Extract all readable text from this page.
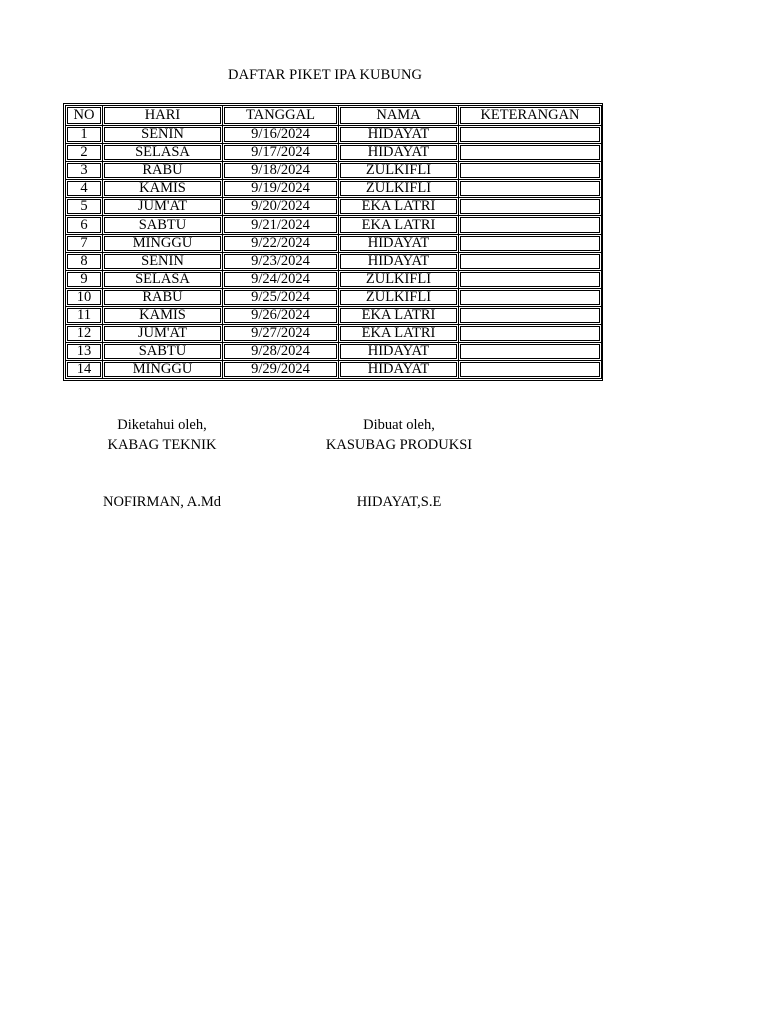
DAFTAR PIKET IPA KUBUNG
NO	HARI	TANGGAL	NAMA	KETERANGAN
1	SENIN	9/16/2024	HIDAYAT	
2	SELASA	9/17/2024	HIDAYAT	
3	RABU	9/18/2024	ZULKIFLI	
4	KAMIS	9/19/2024	ZULKIFLI	
5	JUM'AT	9/20/2024	EKA LATRI	
6	SABTU	9/21/2024	EKA LATRI	
7	MINGGU	9/22/2024	HIDAYAT	
8	SENIN	9/23/2024	HIDAYAT	
9	SELASA	9/24/2024	ZULKIFLI	
10	RABU	9/25/2024	ZULKIFLI	
11	KAMIS	9/26/2024	EKA LATRI	
12	JUM'AT	9/27/2024	EKA LATRI	
13	SABTU	9/28/2024	HIDAYAT	
14	MINGGU	9/29/2024	HIDAYAT	
Diketahui oleh,
KABAG TEKNIK
Dibuat oleh,
KASUBAG PRODUKSI
NOFIRMAN, A.Md	HIDAYAT,S.E
